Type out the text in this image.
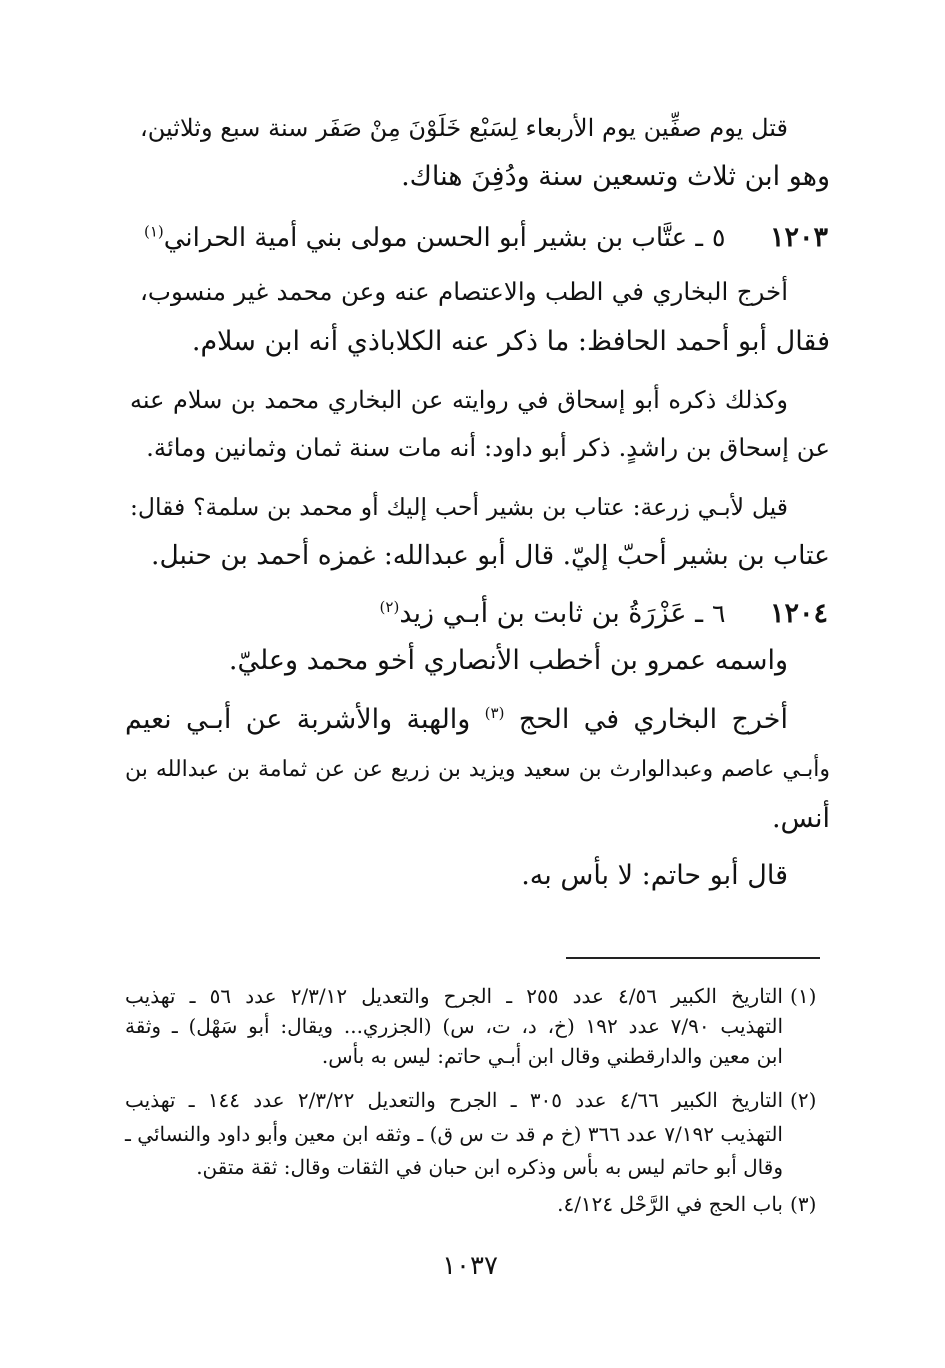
قتل يوم صفِّين يوم الأربعاء لِسَبْع خَلَوْنَ مِنْ صَفَر سنة سبع وثلاثين،
وهو ابن ثلاث وتسعين سنة ودُفِنَ هناك.
١٢٠٣
٥
ـ عتَّاب بن بشير أبو الحسن مولى بني أمية الحراني$^{(١)}$
أخرج البخاري في الطب والاعتصام عنه وعن محمد غير منسوب،
فقال أبو أحمد الحافظ: ما ذكر عنه الكلاباذي أنه ابن سلام.
وكذلك ذكره أبو إسحاق في روايته عن البخاري محمد بن سلام عنه
عن إسحاق بن راشدٍ. ذكر أبو داود: أنه مات سنة ثمان وثمانين ومائة.
قيل لأبـي زرعة: عتاب بن بشير أحب إليك أو محمد بن سلمة؟ فقال:
عتاب بن بشير أحبّ إليّ. قال أبو عبدالله: غمزه أحمد بن حنبل.
١٢٠٤
٦
ـ عَزْرَةُ بن ثابت بن أبـي زيد$^{(٢)}$
واسمه عمرو بن أخطب الأنصاري أخو محمد وعليّ.
أخرج البخاري في الحج $^{(٣)}$ والهبة والأشربة عن أبـي نعيم
وأبـي عاصم وعبدالوارث بن سعيد ويزيد بن زريع عن عن ثمامة بن عبدالله بن
أنس.
قال أبو حاتم: لا بأس به.
(١)
التاريخ الكبير ٤/٥٦ عدد ٢٥٥ ـ الجرح والتعديل ٢/٣/١٢ عدد ٥٦ ـ تهذيب
التهذيب ٧/٩٠ عدد ١٩٢ (خ، د، ت، س) (الجزري... ويقال: أبو سَهْل) ـ وثقة
ابن معين والدارقطني وقال ابن أبـي حاتم: ليس به بأس.
(٢)
التاريخ الكبير ٤/٦٦ عدد ٣٠٥ ـ الجرح والتعديل ٢/٣/٢٢ عدد ١٤٤ ـ تهذيب
التهذيب ٧/١٩٢ عدد ٣٦٦ (خ م قد ت س ق) ـ وثقه ابن معين وأبو داود والنسائي ـ
وقال أبو حاتم ليس به بأس وذكره ابن حبان في الثقات وقال: ثقة متقن.
(٣)
باب الحج في الرَّحْل ٤/١٢٤.
١٠٣٧
